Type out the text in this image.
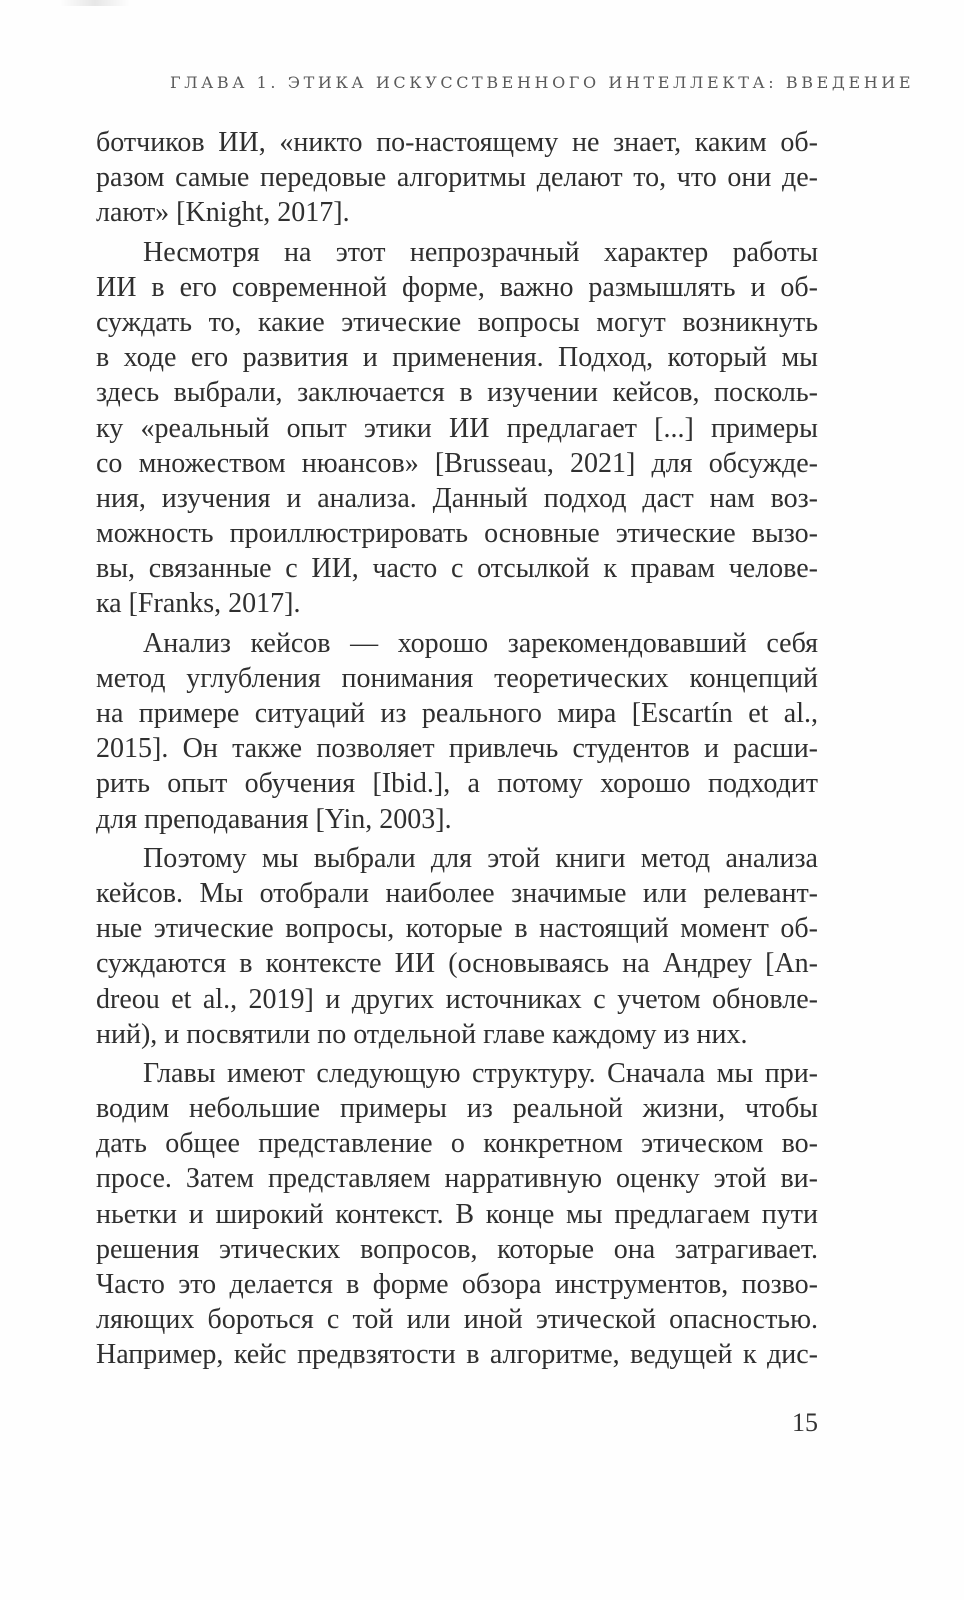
ГЛАВА 1. ЭТИКА ИСКУССТВЕННОГО ИНТЕЛЛЕКТА: ВВЕДЕНИЕ
ботчиков ИИ, «никто по-настоящему не знает, каким об-
разом самые передовые алгоритмы делают то, что они де-
лают» [Knight, 2017].
Несмотря на этот непрозрачный характер работы
ИИ в его современной форме, важно размышлять и об-
суждать то, какие этические вопросы могут возникнуть
в ходе его развития и применения. Подход, который мы
здесь выбрали, заключается в изучении кейсов, посколь-
ку «реальный опыт этики ИИ предлагает [...] примеры
со множеством нюансов» [Brusseau, 2021] для обсужде-
ния, изучения и анализа. Данный подход даст нам воз-
можность проиллюстрировать основные этические вызо-
вы, связанные с ИИ, часто с отсылкой к правам челове-
ка [Franks, 2017].
Анализ кейсов — хорошо зарекомендовавший себя
метод углубления понимания теоретических концепций
на примере ситуаций из реального мира [Escartín et al.,
2015]. Он также позволяет привлечь студентов и расши-
рить опыт обучения [Ibid.], а потому хорошо подходит
для преподавания [Yin, 2003].
Поэтому мы выбрали для этой книги метод анализа
кейсов. Мы отобрали наиболее значимые или релевант-
ные этические вопросы, которые в настоящий момент об-
суждаются в контексте ИИ (основываясь на Андреу [An-
dreou et al., 2019] и других источниках с учетом обновле-
ний), и посвятили по отдельной главе каждому из них.
Главы имеют следующую структуру. Сначала мы при-
водим небольшие примеры из реальной жизни, чтобы
дать общее представление о конкретном этическом во-
просе. Затем представляем нарративную оценку этой ви-
ньетки и широкий контекст. В конце мы предлагаем пути
решения этических вопросов, которые она затрагивает.
Часто это делается в форме обзора инструментов, позво-
ляющих бороться с той или иной этической опасностью.
Например, кейс предвзятости в алгоритме, ведущей к дис-
15
